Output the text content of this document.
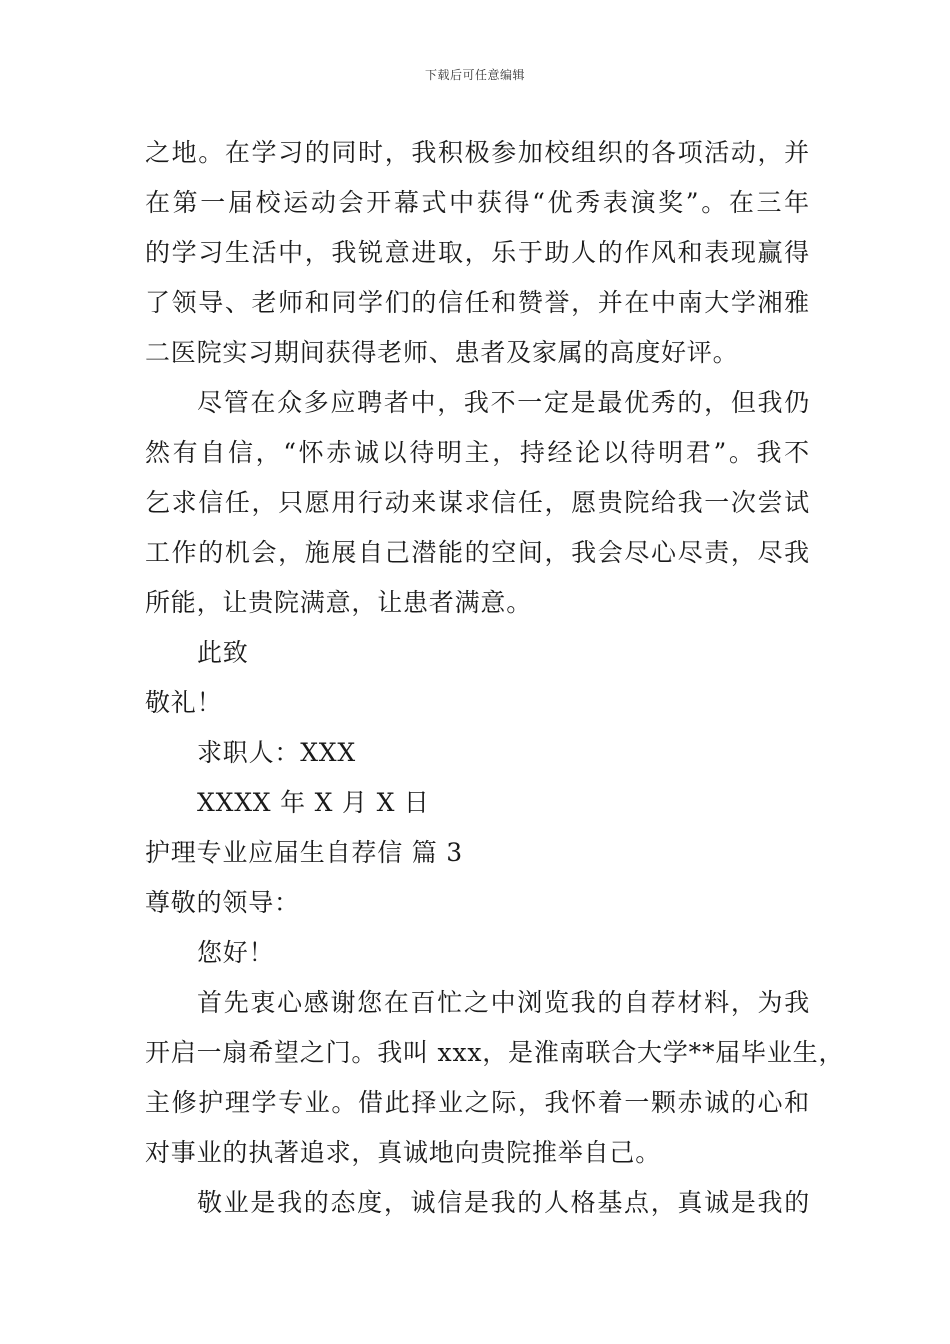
下载后可任意编辑
之地。在学习的同时，我积极参加校组织的各项活动，并
在第一届校运动会开幕式中获得“优秀表演奖”。在三年
的学习生活中，我锐意进取，乐于助人的作风和表现赢得
了领导、老师和同学们的信任和赞誉，并在中南大学湘雅
二医院实习期间获得老师、患者及家属的高度好评。
尽管在众多应聘者中，我不一定是最优秀的，但我仍
然有自信，“怀赤诚以待明主，持经论以待明君”。我不
乞求信任，只愿用行动来谋求信任，愿贵院给我一次尝试
工作的机会，施展自己潜能的空间，我会尽心尽责，尽我
所能，让贵院满意，让患者满意。
此致
敬礼！
求职人：XXX
XXXX 年 X 月 X 日
护理专业应届生自荐信 篇 3
尊敬的领导：
您好！
首先衷心感谢您在百忙之中浏览我的自荐材料，为我
开启一扇希望之门。我叫 xxx，是淮南联合大学**届毕业生，
主修护理学专业。借此择业之际，我怀着一颗赤诚的心和
对事业的执著追求，真诚地向贵院推举自己。
敬业是我的态度，诚信是我的人格基点，真诚是我的
